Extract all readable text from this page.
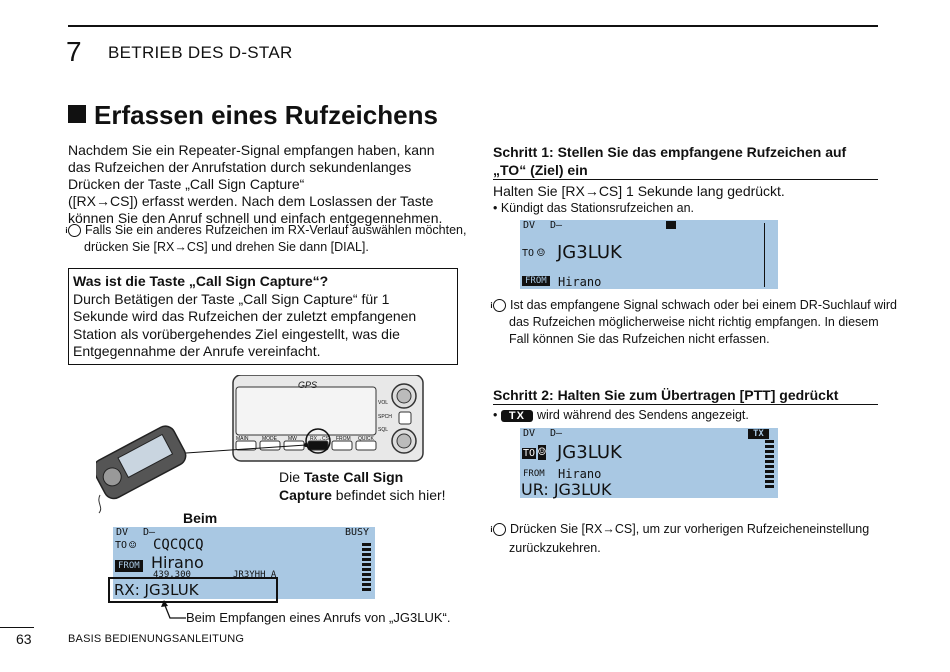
7 BETRIEB DES D-STAR
Erfassen eines Rufzeichens
Nachdem Sie ein Repeater-Signal empfangen haben, kann
das Rufzeichen der Anrufstation durch sekundenlanges
Drücken der Taste „Call Sign Capture“
([RX→CS]) erfasst werden. Nach dem Loslassen der Taste
können Sie den Anruf schnell und einfach entgegennehmen.
i Falls Sie ein anderes Rufzeichen im RX-Verlauf auswählen möchten, drücken Sie [RX→CS] und drehen Sie dann [DIAL].
Was ist die Taste „Call Sign Capture“?
Durch Betätigen der Taste „Call Sign Capture“ für 1
Sekunde wird das Rufzeichen der zuletzt empfangenen
Station als vorübergehendes Ziel eingestellt, was die
Entgegennahme der Anrufe vereinfacht.
Schritt 1: Stellen Sie das empfangene Rufzeichen auf
„TO“ (Ziel) ein
Halten Sie [RX→CS] 1 Sekunde lang gedrückt.
• Kündigt das Stationsrufzeichen an.
DV D–
TO ☺ JG3LUK
FROM Hirano
i Ist das empfangene Signal schwach oder bei einem DR-Suchlauf wird das Rufzeichen möglicherweise nicht richtig empfangen. In diesem Fall können Sie das Rufzeichen nicht erfassen.
Schritt 2: Halten Sie zum Übertragen [PTT] gedrückt
• TX wird während des Sendens angezeigt.
DV D–	TX
TO ☺ JG3LUK
FROM Hirano
UR: JG3LUK
i Drücken Sie [RX→CS], um zur vorherigen Rufzeicheneinstellung zurückzukehren.
GPS
VOL
SPCH
SQL
MAIN	MODE MW	RX→CS FROM QUICK
Die Taste Call Sign
Capture befindet sich hier!
Beim
DV D–	BUSY
TO ☺ CQCQCQ
FROM Hirano
439.300	JR3YHH A
RX: JG3LUK
Beim Empfangen eines Anrufs von „JG3LUK“.
63	BASIS BEDIENUNGSANLEITUNG
